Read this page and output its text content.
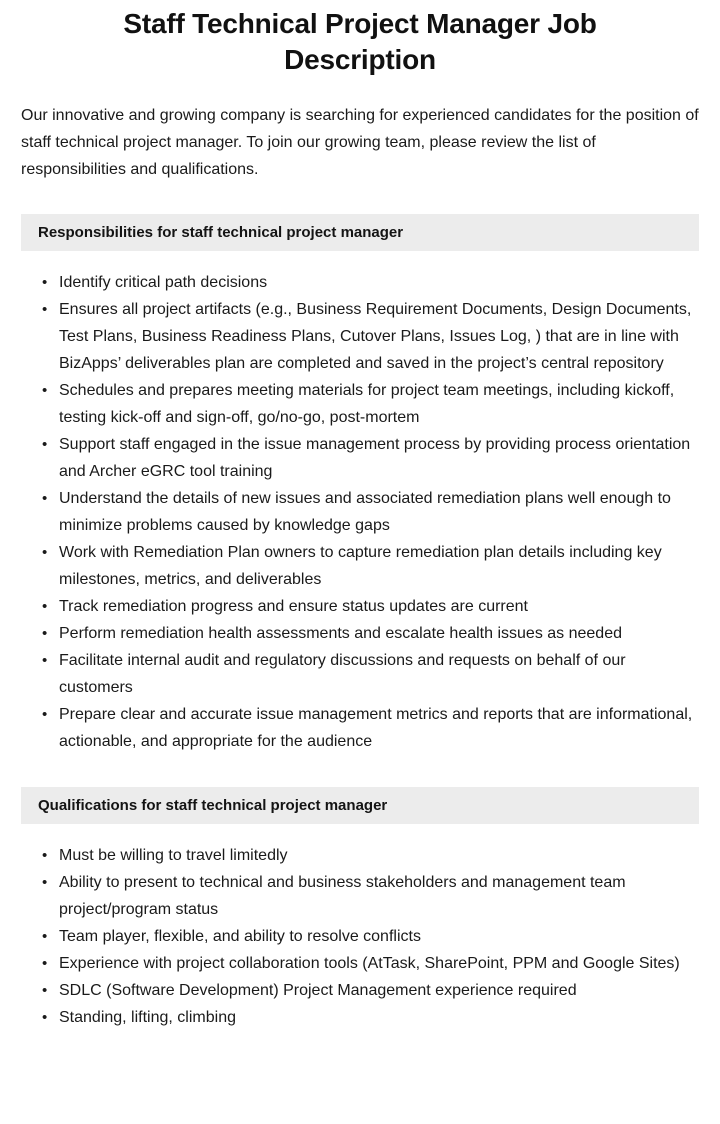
Staff Technical Project Manager Job Description

Our innovative and growing company is searching for experienced candidates for the position of staff technical project manager. To join our growing team, please review the list of responsibilities and qualifications.

Responsibilities for staff technical project manager
• Identify critical path decisions
• Ensures all project artifacts (e.g., Business Requirement Documents, Design Documents, Test Plans, Business Readiness Plans, Cutover Plans, Issues Log, ) that are in line with BizApps’ deliverables plan are completed and saved in the project’s central repository
• Schedules and prepares meeting materials for project team meetings, including kickoff, testing kick-off and sign-off, go/no-go, post-mortem
• Support staff engaged in the issue management process by providing process orientation and Archer eGRC tool training
• Understand the details of new issues and associated remediation plans well enough to minimize problems caused by knowledge gaps
• Work with Remediation Plan owners to capture remediation plan details including key milestones, metrics, and deliverables
• Track remediation progress and ensure status updates are current
• Perform remediation health assessments and escalate health issues as needed
• Facilitate internal audit and regulatory discussions and requests on behalf of our customers
• Prepare clear and accurate issue management metrics and reports that are informational, actionable, and appropriate for the audience
Qualifications for staff technical project manager
• Must be willing to travel limitedly
• Ability to present to technical and business stakeholders and management team project/program status
• Team player, flexible, and ability to resolve conflicts
• Experience with project collaboration tools (AtTask, SharePoint, PPM and Google Sites)
• SDLC (Software Development) Project Management experience required
• Standing, lifting, climbing
